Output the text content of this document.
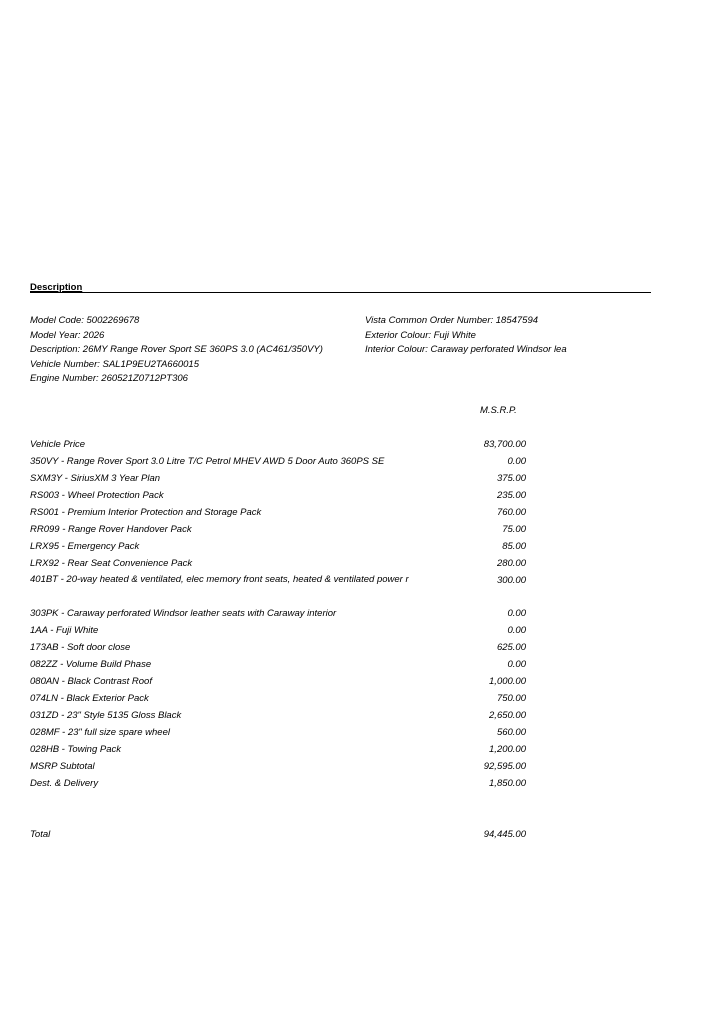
Description
Model Code: 5002269678
Model Year: 2026
Description: 26MY Range Rover Sport SE 360PS 3.0 (AC461/350VY)
Vehicle Number: SAL1P9EU2TA660015
Engine Number: 260521Z0712PT306
Vista Common Order Number: 18547594
Exterior Colour: Fuji White
Interior Colour: Caraway perforated Windsor lea
M.S.R.P.
Vehicle Price	83,700.00
350VY - Range Rover Sport 3.0 Litre T/C Petrol MHEV AWD 5 Door Auto 360PS SE	0.00
SXM3Y - SiriusXM 3 Year Plan	375.00
RS003 - Wheel Protection Pack	235.00
RS001 - Premium Interior Protection and Storage Pack	760.00
RR099 - Range Rover Handover Pack	75.00
LRX95 - Emergency Pack	85.00
LRX92 - Rear Seat Convenience Pack	280.00
401BT - 20-way heated & ventilated, elec memory front seats, heated & ventilated power r	300.00
303PK - Caraway perforated Windsor leather seats with Caraway interior	0.00
1AA - Fuji White	0.00
173AB - Soft door close	625.00
082ZZ - Volume Build Phase	0.00
080AN - Black Contrast Roof	1,000.00
074LN - Black Exterior Pack	750.00
031ZD - 23" Style 5135 Gloss Black	2,650.00
028MF - 23" full size spare wheel	560.00
028HB - Towing Pack	1,200.00
MSRP Subtotal	92,595.00
Dest. & Delivery	1,850.00
Total	94,445.00
